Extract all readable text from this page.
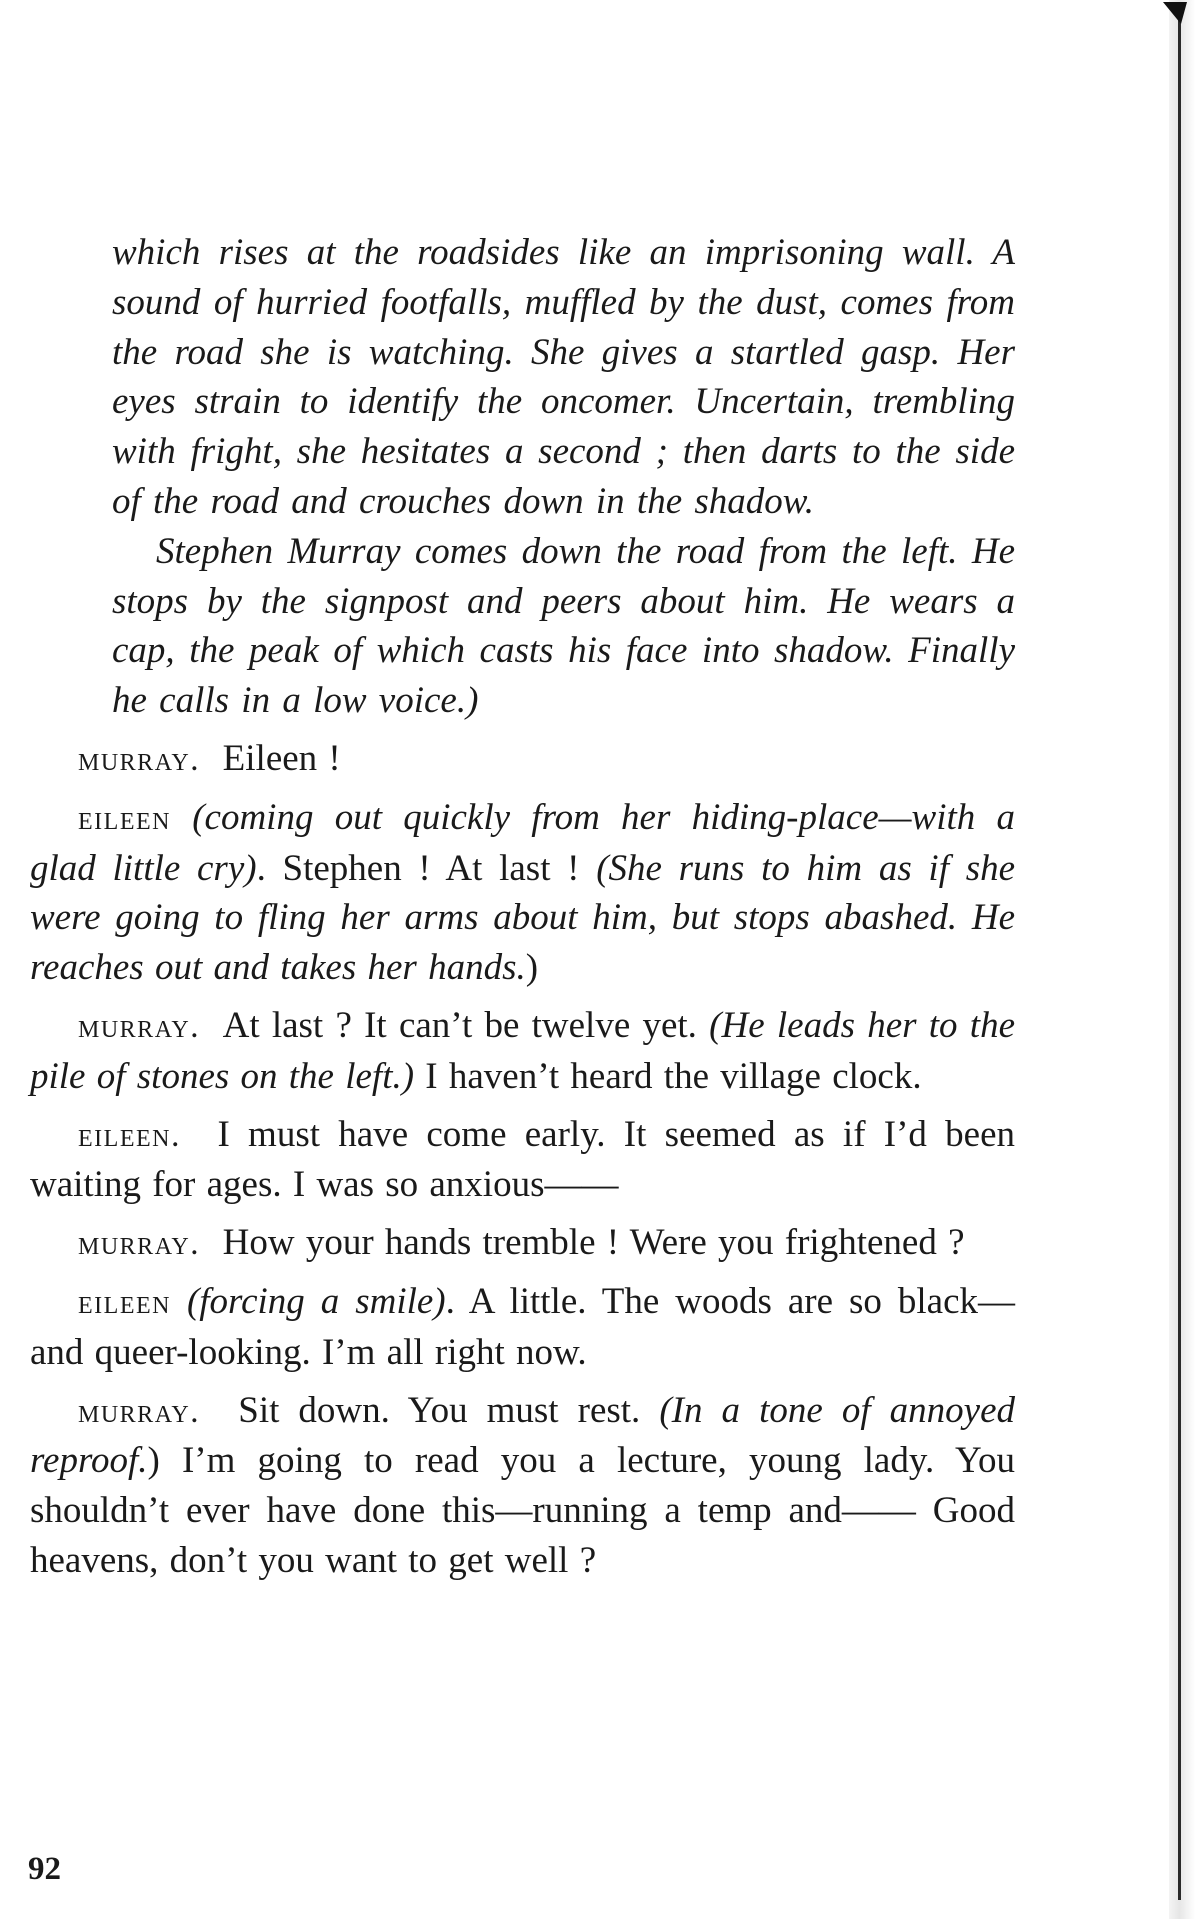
which rises at the roadsides like an imprisoning wall. A sound of hurried footfalls, muffled by the dust, comes from the road she is watching. She gives a startled gasp. Her eyes strain to identify the oncomer. Uncertain, trembling with fright, she hesitates a second ; then darts to the side of the road and crouches down in the shadow.

Stephen Murray comes down the road from the left. He stops by the signpost and peers about him. He wears a cap, the peak of which casts his face into shadow. Finally he calls in a low voice.)

murray. Eileen !

eileen (coming out quickly from her hiding-place—with a glad little cry). Stephen ! At last ! (She runs to him as if she were going to fling her arms about him, but stops abashed. He reaches out and takes her hands.)

murray. At last ? It can’t be twelve yet. (He leads her to the pile of stones on the left.) I haven’t heard the village clock.

eileen. I must have come early. It seemed as if I’d been waiting for ages. I was so anxious——

murray. How your hands tremble ! Were you frightened ?

eileen (forcing a smile). A little. The woods are so black—and queer-looking. I’m all right now.

murray. Sit down. You must rest. (In a tone of annoyed reproof.) I’m going to read you a lecture, young lady. You shouldn’t ever have done this—running a temp and—— Good heavens, don’t you want to get well ?

92
